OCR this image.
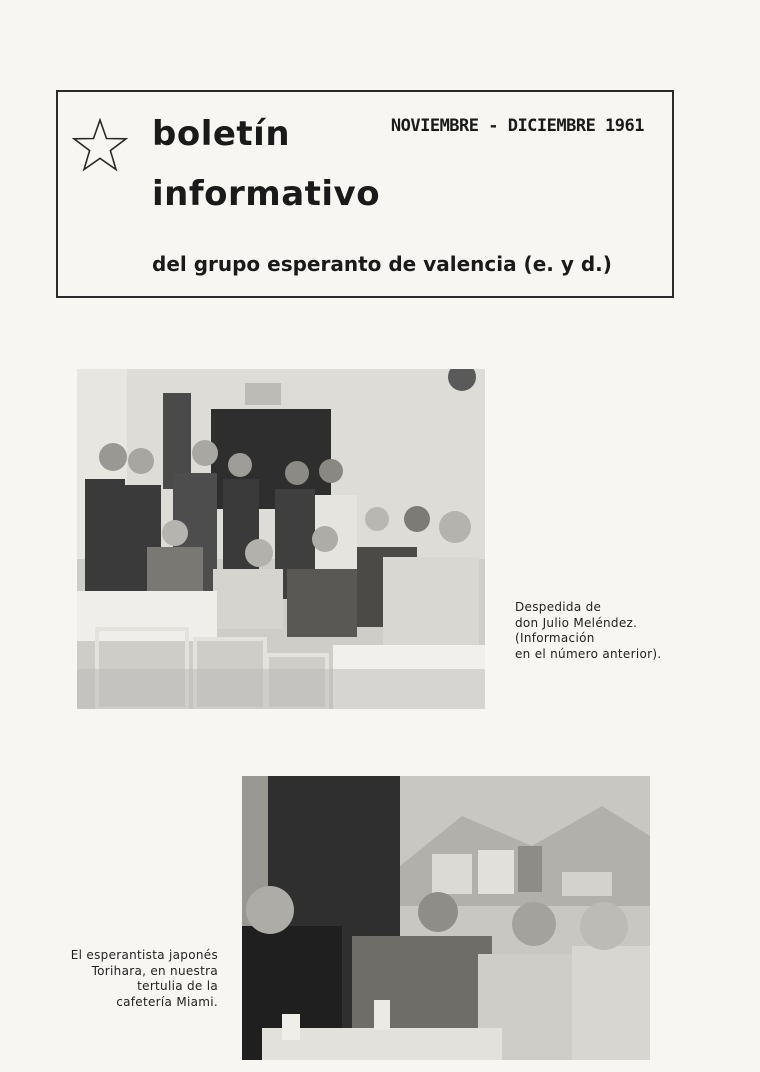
boletín
informativo
NOVIEMBRE - DICIEMBRE 1961
del grupo esperanto de valencia (e. y d.)
Despedida de
don Julio Meléndez.
(Información
en el número anterior).
El esperantista japonés
Torihara, en nuestra
tertulia de la
cafetería Miami.
